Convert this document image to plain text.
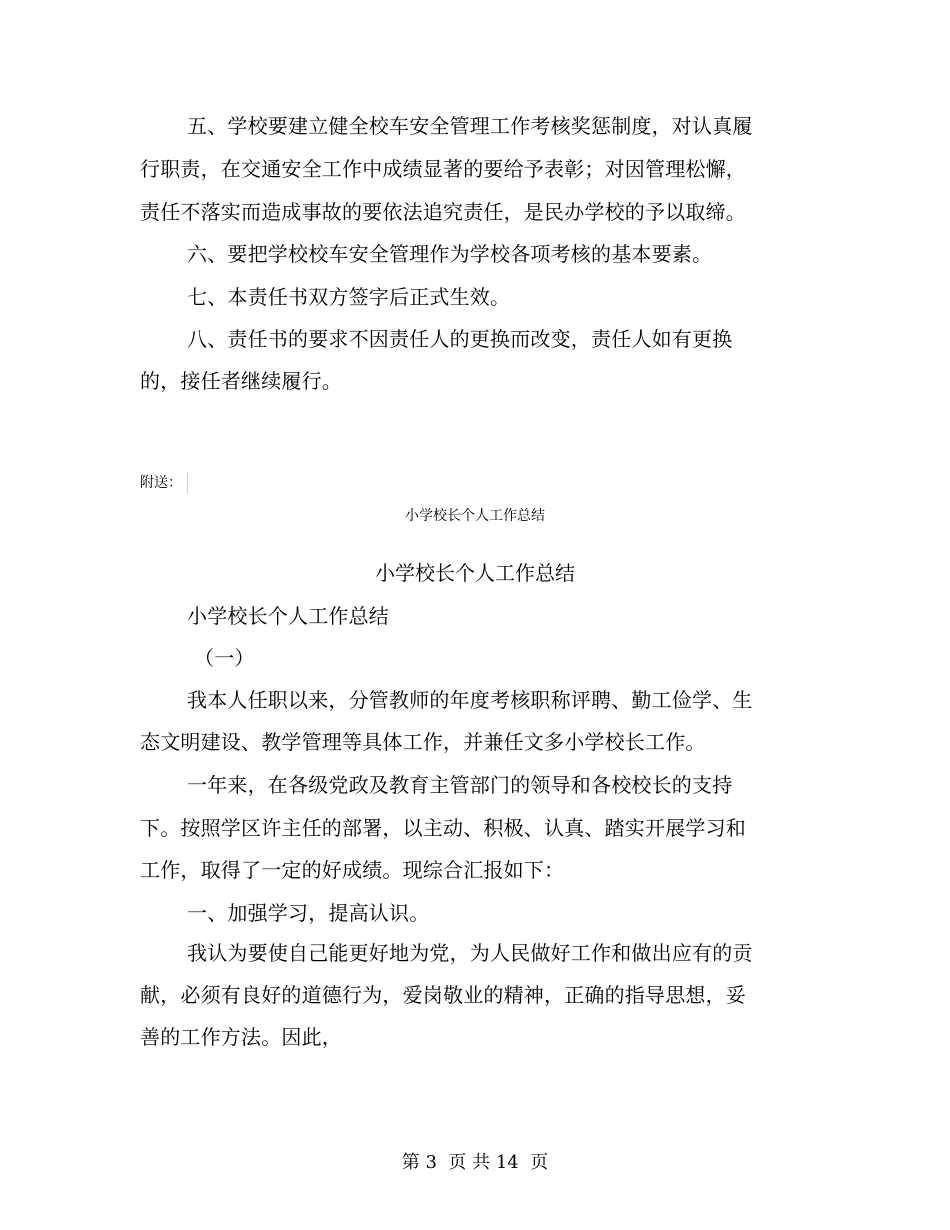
五、学校要建立健全校车安全管理工作考核奖惩制度，对认真履
行职责，在交通安全工作中成绩显著的要给予表彰；对因管理松懈，
责任不落实而造成事故的要依法追究责任，是民办学校的予以取缔。
六、要把学校校车安全管理作为学校各项考核的基本要素。
七、本责任书双方签字后正式生效。
八、责任书的要求不因责任人的更换而改变，责任人如有更换
的，接任者继续履行。
附送：
小学校长个人工作总结
小学校长个人工作总结
小学校长个人工作总结
（一）
我本人任职以来，分管教师的年度考核职称评聘、勤工俭学、生
态文明建设、教学管理等具体工作，并兼任文多小学校长工作。
一年来，在各级党政及教育主管部门的领导和各校校长的支持
下。按照学区许主任的部署，以主动、积极、认真、踏实开展学习和
工作，取得了一定的好成绩。现综合汇报如下：
一、加强学习，提高认识。
我认为要使自己能更好地为党，为人民做好工作和做出应有的贡
献，必须有良好的道德行为，爱岗敬业的精神，正确的指导思想，妥
善的工作方法。因此，
第 3  页 共 14  页
